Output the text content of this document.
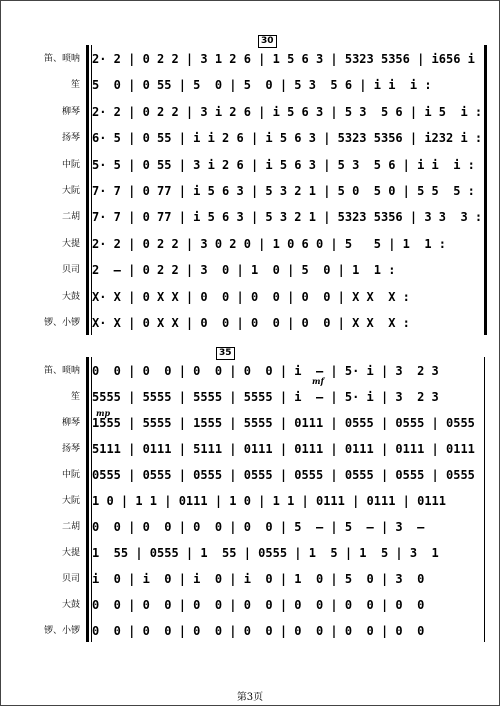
30
笛、唢呐 2· 2 | 0 2 2 | 3 1 2 6 | 1 5 6 3 | 5323 5356 | i656 i :
笙 5  0 | 0 55 | 5  0 | 5  0 | 5 3  5 6 | i i  i :
柳琴 2· 2 | 0 2 2 | 3 i 2 6 | i 5 6 3 | 5 3  5 6 | i 5  i :
扬琴 6· 5 | 0 55 | i i 2 6 | i 5 6 3 | 5323 5356 | i232 i :
中阮 5· 5 | 0 55 | 3 i 2 6 | i 5 6 3 | 5 3  5 6 | i i  i :
大阮 7· 7 | 0 77 | i 5 6 3 | 5 3 2 1 | 5 0  5 0 | 5 5  5 :
二胡 7· 7 | 0 77 | i 5 6 3 | 5 3 2 1 | 5323 5356 | 3 3  3 :
大提 2· 2 | 0 2 2 | 3 0 2 0 | 1 0 6 0 | 5   5 | 1  1 :
贝司 2  – | 0 2 2 | 3  0 | 1  0 | 5  0 | 1  1 :
大鼓 X· X | 0 X X | 0  0 | 0  0 | 0  0 | X X  X :
锣、小锣 X· X | 0 X X | 0  0 | 0  0 | 0  0 | X X  X :
35
mf
mp
笛、唢呐 0  0 | 0  0 | 0  0 | 0  0 | i  – | 5· i | 3  2 3
笙 5555 | 5555 | 5555 | 5555 | i  – | 5· i | 3  2 3
柳琴 1555 | 5555 | 1555 | 5555 | 0111 | 0555 | 0555 | 0555
扬琴 5111 | 0111 | 5111 | 0111 | 0111 | 0111 | 0111 | 0111
中阮 0555 | 0555 | 0555 | 0555 | 0555 | 0555 | 0555 | 0555
大阮 1 0 | 1 1 | 0111 | 1 0 | 1 1 | 0111 | 0111 | 0111
二胡 0  0 | 0  0 | 0  0 | 0  0 | 5  – | 5  – | 3  –
大提 1  55 | 0555 | 1  55 | 0555 | 1  5 | 1  5 | 3  1
贝司 i  0 | i  0 | i  0 | i  0 | 1  0 | 5  0 | 3  0
大鼓 0  0 | 0  0 | 0  0 | 0  0 | 0  0 | 0  0 | 0  0
锣、小锣 0  0 | 0  0 | 0  0 | 0  0 | 0  0 | 0  0 | 0  0
第3页
